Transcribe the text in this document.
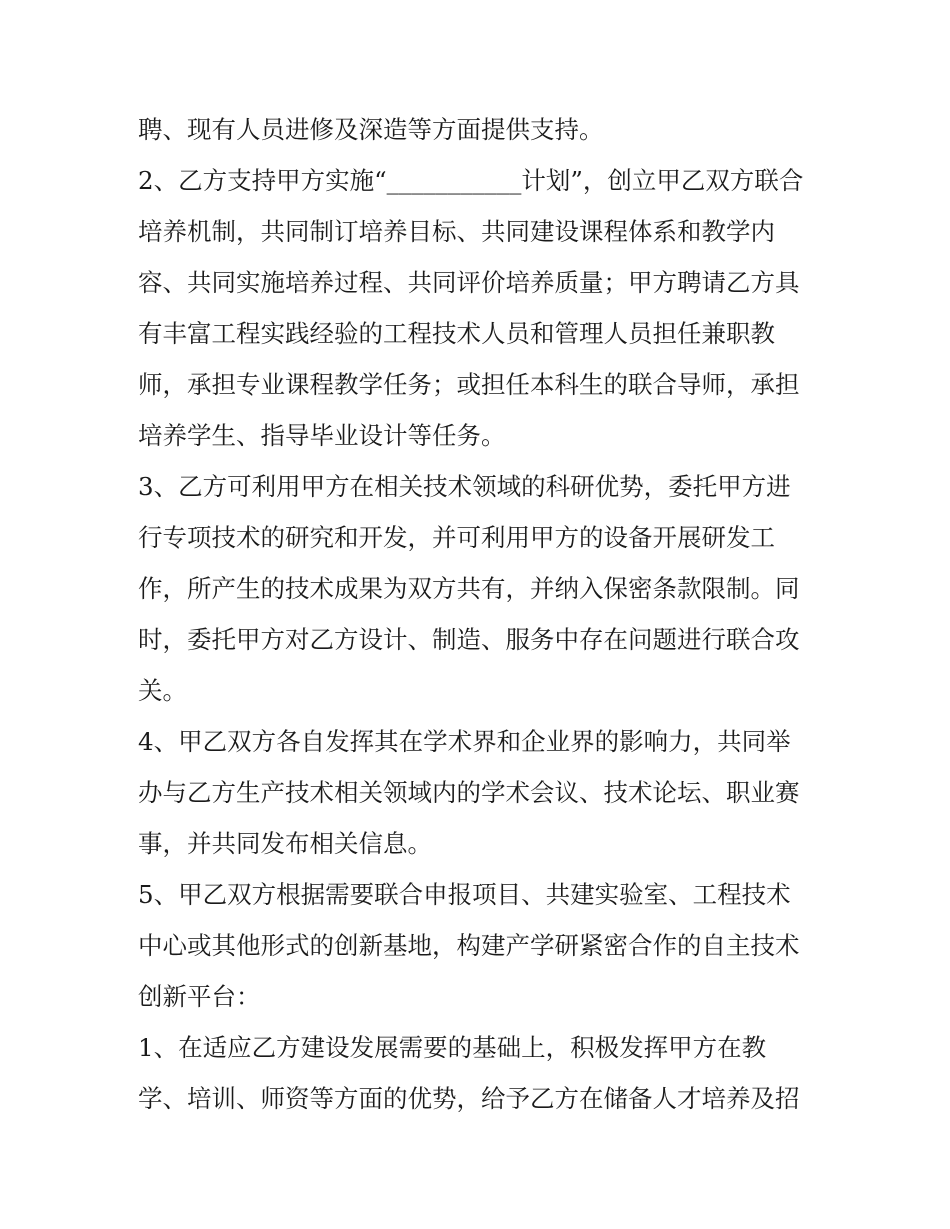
聘、现有人员进修及深造等方面提供支持。
2、乙方支持甲方实施“___________计划”，创立甲乙双方联合
培养机制，共同制订培养目标、共同建设课程体系和教学内
容、共同实施培养过程、共同评价培养质量；甲方聘请乙方具
有丰富工程实践经验的工程技术人员和管理人员担任兼职教
师，承担专业课程教学任务；或担任本科生的联合导师，承担
培养学生、指导毕业设计等任务。
3、乙方可利用甲方在相关技术领域的科研优势，委托甲方进
行专项技术的研究和开发，并可利用甲方的设备开展研发工
作，所产生的技术成果为双方共有，并纳入保密条款限制。同
时，委托甲方对乙方设计、制造、服务中存在问题进行联合攻
关。
4、甲乙双方各自发挥其在学术界和企业界的影响力，共同举
办与乙方生产技术相关领域内的学术会议、技术论坛、职业赛
事，并共同发布相关信息。
5、甲乙双方根据需要联合申报项目、共建实验室、工程技术
中心或其他形式的创新基地，构建产学研紧密合作的自主技术
创新平台：
1、在适应乙方建设发展需要的基础上，积极发挥甲方在教
学、培训、师资等方面的优势，给予乙方在储备人才培养及招
